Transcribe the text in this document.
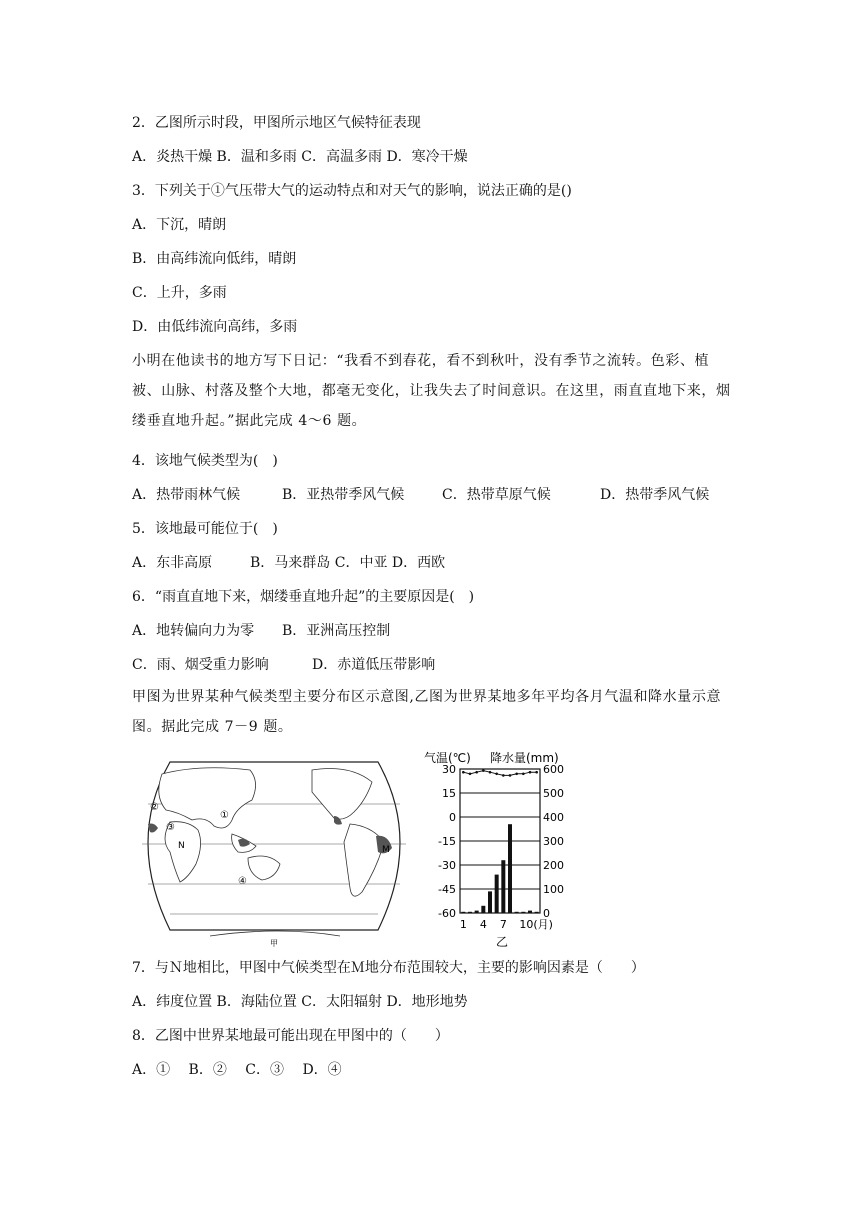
2．乙图所示时段，甲图所示地区气候特征表现
A．炎热干燥 B．温和多雨 C．高温多雨 D．寒冷干燥
3．下列关于①气压带大气的运动特点和对天气的影响，说法正确的是()
A．下沉，晴朗
B．由高纬流向低纬，晴朗
C．上升，多雨
D．由低纬流向高纬，多雨
小明在他读书的地方写下日记：“我看不到春花，看不到秋叶，没有季节之流转。色彩、植被、山脉、村落及整个大地，都毫无变化，让我失去了时间意识。在这里，雨直直地下来，烟缕垂直地升起。”据此完成 4～6 题。
4．该地气候类型为(　)
A．热带雨林气候	B．亚热带季风气候	C．热带草原气候	D．热带季风气候
5．该地最可能位于(　)
A．东非高原	B．马来群岛 C．中亚 D．西欧
6．“雨直直地下来，烟缕垂直地升起”的主要原因是(　)
A．地转偏向力为零 B．亚洲高压控制
C．雨、烟受重力影响	D．赤道低压带影响
甲图为世界某种气候类型主要分布区示意图,乙图为世界某地多年平均各月气温和降水量示意图。据此完成 7－9 题。
①
②
③
④
N	M
甲
气温(℃) 降水量(mm)
30	600
15	500
0	400
-15	300
-30	200
-45	100
-60	0
1 4 7 10(月)
乙
7．与Ｎ地相比，甲图中气候类型在Ｍ地分布范围较大，主要的影响因素是（　　）
A．纬度位置 B．海陆位置 C．太阳辐射 D．地形地势
8．乙图中世界某地最可能出现在甲图中的（　　）
A．①　 B．②　 C．③　 D．④
